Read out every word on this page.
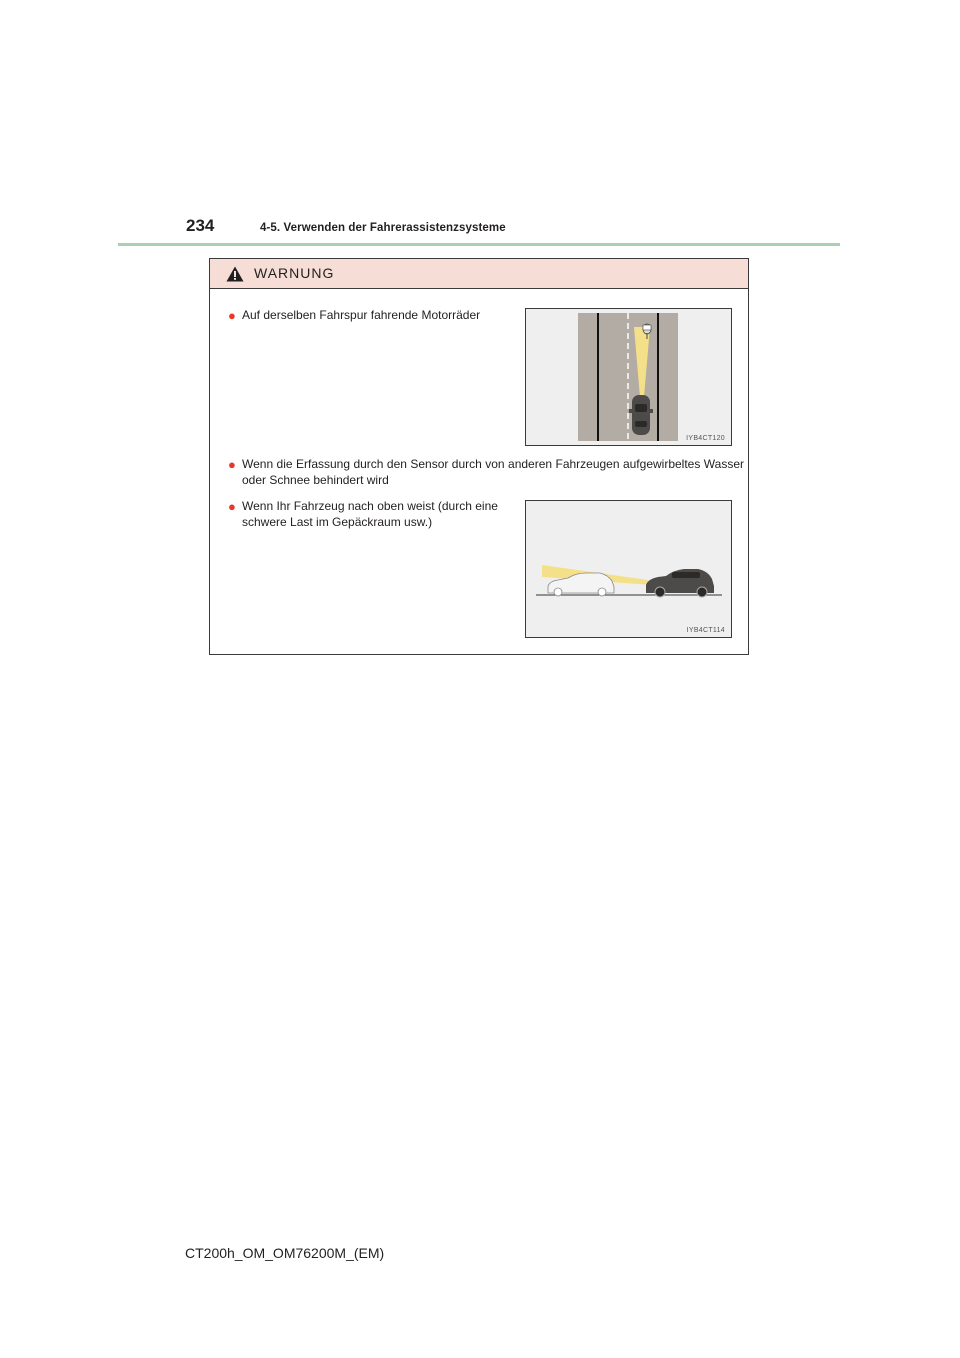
234	4-5. Verwenden der Fahrerassistenzsysteme
WARNUNG
● Auf derselben Fahrspur fahrende Motorräder
IYB4CT120
● Wenn die Erfassung durch den Sensor durch von anderen Fahrzeugen aufgewirbeltes Wasser oder Schnee behindert wird
● Wenn Ihr Fahrzeug nach oben weist (durch eine schwere Last im Gepäckraum usw.)
IYB4CT114
CT200h_OM_OM76200M_(EM)
